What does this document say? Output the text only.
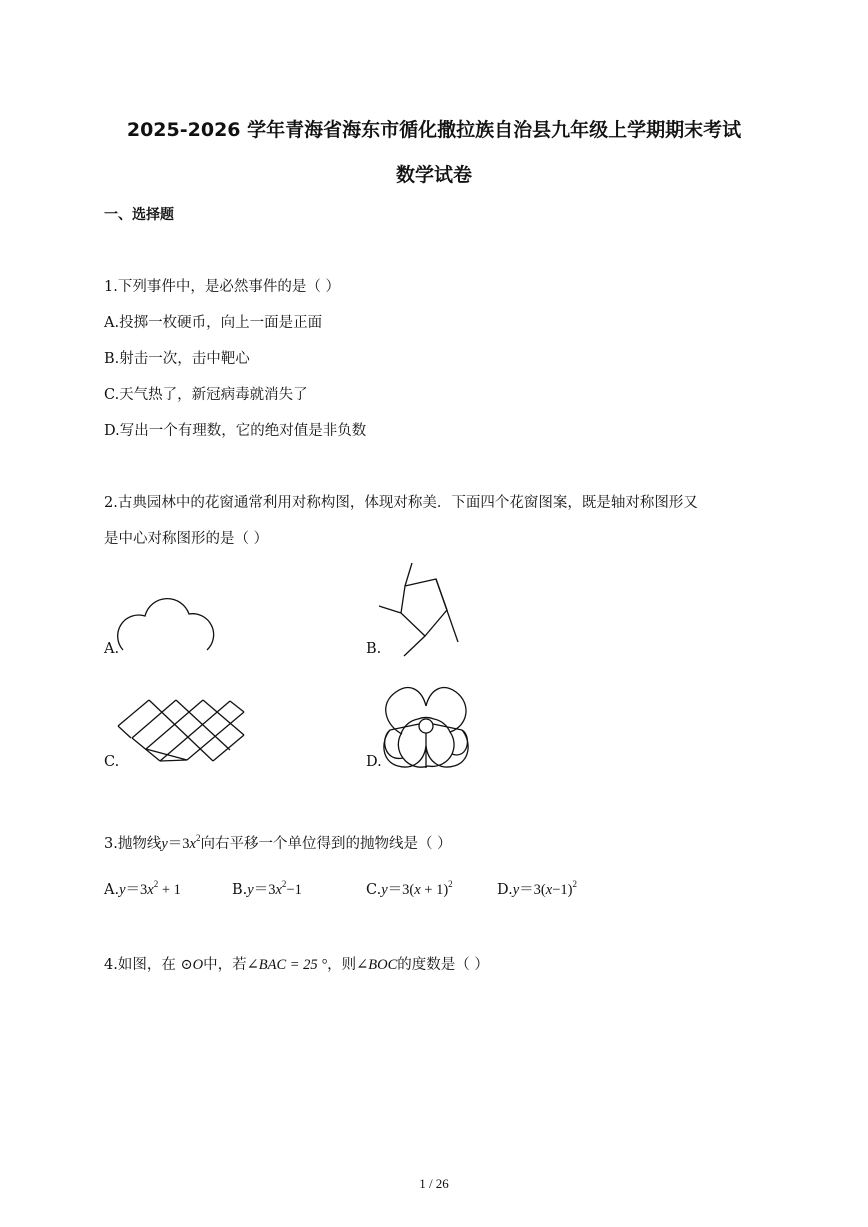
2025-2026 学年青海省海东市循化撒拉族自治县九年级上学期期末考试
数学试卷
一、选择题
1.下列事件中，是必然事件的是（ ）
A.投掷一枚硬币，向上一面是正面
B.射击一次，击中靶心
C.天气热了，新冠病毒就消失了
D.写出一个有理数，它的绝对值是非负数
2.古典园林中的花窗通常利用对称构图，体现对称美．下面四个花窗图案，既是轴对称图形又
是中心对称图形的是（ ）
A.	B.
C.	D.
3.抛物线$y=3x^2$向右平移一个单位得到的抛物线是（ ）
$A.y=3x^2 + 1$	$B.y=3x^2-1$	$C.y=3(x + 1)^2$	$D.y=3(x-1)^2$
4.如图，在 ⊙O中，若∠BAC = 25 °，则∠BOC的度数是（ ）
1 / 26
